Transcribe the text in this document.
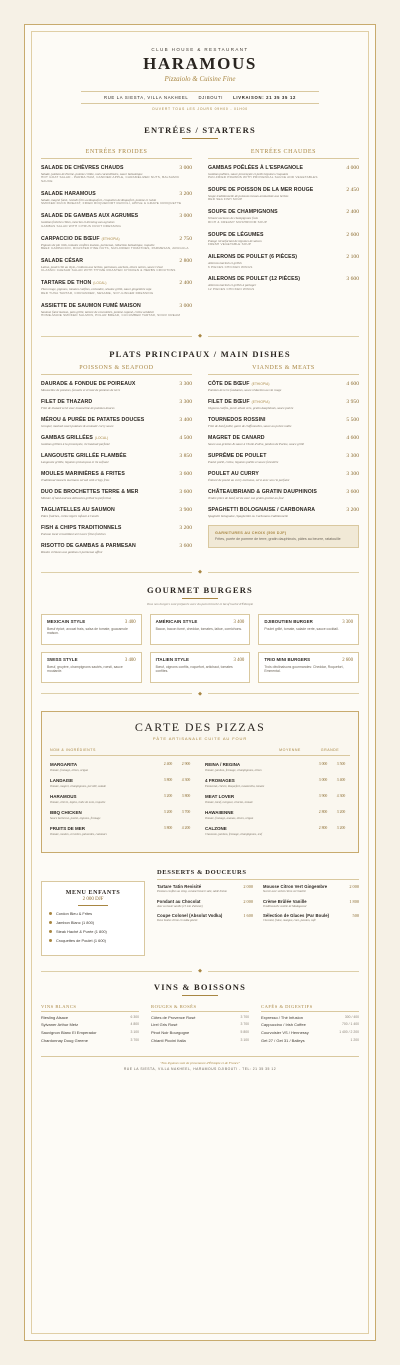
CLUB HOUSE & RESTAURANT
HARAMOUS
Pizzaiolo & Cuisine Fine
RUE LA SIESTA, VILLA NAKHEEL DJIBOUTI LIVRAISON: 21 35 35 12
OUVERT TOUS LES JOURS 09H00 - 01H00
ENTRÉES / STARTERS
ENTRÉES FROIDES
SALADE DE CHÈVRES CHAUDS	3 000
Salade, jambon de Parme, pomme crôûte, noix caramélisées, sauce balsamique
HOT GOAT SALAD - PARMA HAM, CANDIED APPLE, CARAMELIZED NUTS, BALSAMIC SAUCE
SALADE HARAMOUS	3 200
Salade, magret fumé, raviolis frits au Roquefort, croquettes de Roquefort, pomme et raisin
SMOKED DUCK BREAST, FRIED ROQUEFORT RAVIOLI, APPLE & GRAPE CROQUETTE
SALADE DE GAMBAS AUX AGRUMES	3 000
Gambas fraîches rôties, mesclun et dressing aux agrumes
GAMBAS SALAD WITH CITRUS FRUIT DRESSING
CARPACCIO DE BŒUF (ETHIOPIA)	2 750
Pignons de pin rôtis, tomates confites maison, parmesan, réduction balsamique, roquette
BEEF CARPACCIO, ROASTED PINE NUTS, SUN-DRIED TOMATOES, PARMESAN, ARUGULA
SALADE CÉSAR	2 800
Laitue, poulet rôti au thym, croûtons aux herbes, parmesan, anchois, olives noires, sauce César
CLASSIC CAESAR SALAD WITH THYME ROASTED CHICKEN & HERBS CROUTONS
TARTARE DE THON (LOCAL)	2 400
Thon rouge, pignons, tomates confites, coriandre, sésame grillé, sauce gingembre soja
RED TUNA TARTAR, CORIANDER, SESAME, SOY-GINGER DRESSING
ASSIETTE DE SAUMON FUMÉ MAISON	3 000
Saumon fumé maison, pain grillé, tartare de concombre, pomme caponé, crème acidulée
HOME-MADE SMOKED SALMON, POLAR BREAD, CUCUMBER TARTAR, SOUR CREAM
ENTRÉES CHAUDES
GAMBAS POÊLÉES À L'ESPAGNOLE	4 000
Gambas poêlées, sauce provençale et petits légumes croquants
PAN-FRIED PRAWNS WITH PROVENCAL SAUCE AND VEGETABLES
SOUPE DE POISSON DE LA MER ROUGE	2 450
Soupe traditionnelle de poissons locaux aromatisée aux herbes
RED SEA FISH SOUP
SOUPE DE CHAMPIGNONS	2 400
Velouté onctueux de champignons frais
RICH & CREAMY MUSHROOM SOUP
SOUPE DE LÉGUMES	2 600
Potage réconfortant de légumes de saison
FRESH VEGETABLE SOUP
AILERONS DE POULET (6 PIÈCES)	2 100
Ailerons marinés et grillés
6 PIECES CHICKEN WINGS
AILERONS DE POULET (12 PIÈCES)	3 600
Ailerons marinés et grillés à partager
12 PIECES CHICKEN WINGS
◆
PLATS PRINCIPAUX / MAIN DISHES
POISSONS & SEAFOOD
DAURADE & FONDUE DE POIREAUX	3 300
Mousseline de pommes, fenouils et écrasé de pommes de terre
FILET DE THAZARD	3 300
Filet de thazard servi avec mousseline de pommes douces
MÉROU & PURÉE DE PATATES DOUCES	3 400
Grouper, mashed sweet potatoes & aromatic curry sauce
GAMBAS GRILLÉES (LOCAL)	4 500
Gambas grillées à la provençale, riz basmati parfumé
LANGOUSTE GRILLÉE FLAMBÉE	3 850
Langouste grillée, légumes provençaux et riz safrané
MOULES MARINIÈRES & FRITES	3 600
Traditional mussels marinara served with crispy fries
DUO DE BROCHETTES TERRE & MER	3 600
Mixture of land and sea delicacies grilled to perfection
TAGLIATELLES AU SAUMON	3 900
Pâtes fraîches, crème légère infusée à l'aneth
FISH & CHIPS TRADITIONNELS	3 200
Poisson local croustillant servi avec frites fraîches
RISOTTO DE GAMBAS & PARMESAN	3 600
Risotto crémeux aux gambas et parmesan affiné
VIANDES & MEATS
CÔTE DE BŒUF (ETHIOPIA)	4 600
Pommes de terre fondantes, sauce réduction au vin rouge
FILET DE BŒUF (ETHIOPIA)	3 950
Oignons confits, purée allant vers, gratin dauphinois, sauce poivre
TOURNEDOS ROSSINI	5 500
Filet de bœuf poêlé, garni de chiffonnelles, sauce au poivre noble
MAGRET DE CANARD	4 600
Sauce aux griottes & sauce à l'huile d'olive, jambon de Parme, sauce grillé
SUPRÊME DE POULET	3 300
Poulet poêlé, crème, légumes poêlés et sauce forestière
POULET AU CURRY	3 300
Émincé de poulet au curry onctueux, servi avec son riz parfumé
CHÂTEAUBRIAND & GRATIN DAUPHINOIS	3 600
Tendre pièce de bœuf servie avec son gratin gratiné au four
SPAGHETTI BOLOGNAISE / CARBONARA	3 200
Spaghetti bolognaise, Spaghettini ou Carbonara traditionnelle
GARNITURES AU CHOIX (500 DJF)
Frites, purée de pomme de terre, gratin dauphinois, pâtes au beurre, ratatouille
◆
GOURMET BURGERS
Tous nos burgers sont préparés avec du pain brioché et bœuf haché d'Éthiopie
MEXICAIN STYLE	3 400
Bœuf épicé, avocat frais, salsa de tomate, guacamole maison.
AMÉRICAIN STYLE	3 400
Bacon, bacon fumé, cheddar, tomates, laitue, cornichons.
DJIBOUTIEN BURGER	3 300
Poulet grillé, tomate, salade verte, sauce cocktail.
SWISS STYLE	3 400
Bœuf, gruyère, champignons sautés, roesti, sauce moutarde.
ITALIEN STYLE	3 400
Bœuf, oignons confits, roquefort, artichaut, tomates confites.
TRIO MINI BURGERS	2 600
Trois déclinaisons gourmandes: Cheddar, Roquefort, Emmental.
◆
CARTE DES PIZZAS
PÂTE ARTISANALE CUITE AU FOUR
NOM & INGRÉDIENTS	MOYENNE	GRANDE
MARGARITA
Tomate, fromage, olives, origan
2 400	2 900
LANDAISE
Tomate, magret, champignons, persillé, salade
3 800	4 300
HARAMOUS
Tomate, chèvre, lapins, huile de noix, roquette
3 200	3 800
BBQ CHICKEN
Sauce barbecue, poulet, oignons, fromage
3 200	3 700
FRUITS DE MER
Tomate, moules, crevettes, palourdes, calamars
3 800	4 200
REINA / REGINA
Tomate, jambon, fromage, champignons, olives
3 000	3 500
4 FROMAGES
Emmental, chèvre, Roquefort, mozzarella, tomate
3 000	3 400
MEAT LOVER
Tomate, bœuf, merguez, chorizo, tomate
3 900	4 300
HAWAIIENNE
Tomate, fromage, ananas, olives, origan
2 800	3 200
CALZONE
Chausson, jambon, fromage, champignons, œuf
2 800	3 200
MENU ENFANTS
2 000 DJF
Cordon Bleu & Frites
Jambon Blanc (1 800)
Steak Haché & Purée (1 800)
Croquettes de Poulet (1 600)
DESSERTS & DOUCEURS
Tartare Tatin Revisité	2 000
Pommes confites au sirop, caramel beurre salé, sablé breton
Mousse Citron Vert Gingembre	2 000
Sucrée avec sorbet citron vert basilic
Fondant au Chocolat	2 000
Avec sa boule vanille (15 min d'attente)
Crème Brûlée Vanille	1 800
Traditionnelle vanille de Madagascar
Coupe Colonel (Absolut Vodka)	1 600
Deux boules citron et vodka glacée
Sélection de Glaces (Par Boule)	500
Chocolat, fraise, mangue, coco, passion, café
◆
VINS & BOISSONS
VINS BLANCS
Riesling Alsace	6 300
Sylvaner Arthur Metz	4 800
Sauvignon Blanc El Emperador	3 100
Chardonnay Doug Greene	3 700
ROUGES & ROSÉS
Côtes de Provence Rosé	3 700
Lirel Gris Rosé	3 700
Pinot Noir Bourgogne	5 800
Chianti Piccini Italia	3 100
CAFÉS & DIGESTIFS
Expresso / Thé Infusion	300 / 400
Cappuccino / Irish Coffee	700 / 1 400
Courvoisier VS / Hennessy	1 400 / 2 200
Get 27 / Get 31 / Baileys	1 200
"Nos légumes sont de provenance d'Éthiopie et de France"
RUE LA SIESTA, VILLA NAKHEEL, HARAMOUS DJIBOUTI - TEL: 21 35 35 12
